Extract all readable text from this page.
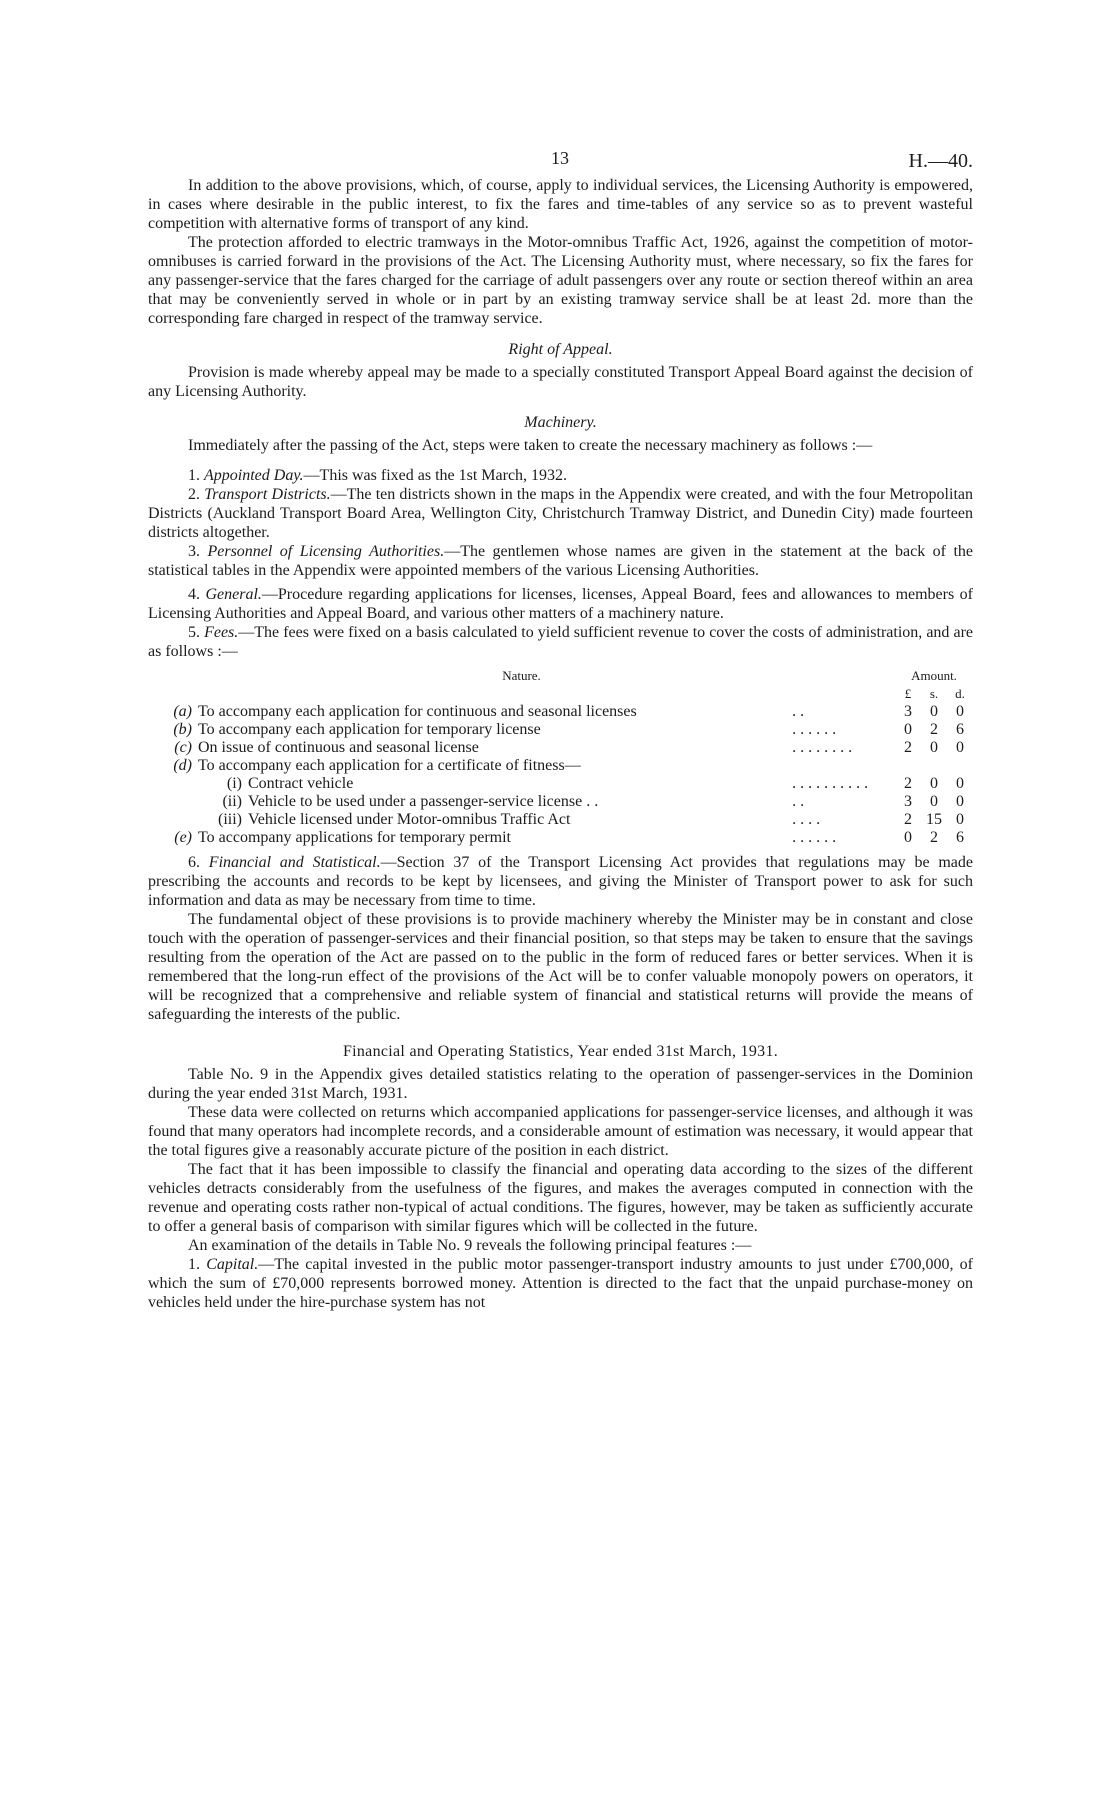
13	H.—40.

In addition to the above provisions, which, of course, apply to individual services, the Licensing Authority is empowered, in cases where desirable in the public interest, to fix the fares and time-tables of any service so as to prevent wasteful competition with alternative forms of transport of any kind.

The protection afforded to electric tramways in the Motor-omnibus Traffic Act, 1926, against the competition of motor-omnibuses is carried forward in the provisions of the Act. The Licensing Authority must, where necessary, so fix the fares for any passenger-service that the fares charged for the carriage of adult passengers over any route or section thereof within an area that may be conveniently served in whole or in part by an existing tramway service shall be at least 2d. more than the corresponding fare charged in respect of the tramway service.

Right of Appeal.

Provision is made whereby appeal may be made to a specially constituted Transport Appeal Board against the decision of any Licensing Authority.

Machinery.

Immediately after the passing of the Act, steps were taken to create the necessary machinery as follows :—

1. Appointed Day.—This was fixed as the 1st March, 1932.

2. Transport Districts.—The ten districts shown in the maps in the Appendix were created, and with the four Metropolitan Districts (Auckland Transport Board Area, Wellington City, Christchurch Tramway District, and Dunedin City) made fourteen districts altogether.

3. Personnel of Licensing Authorities.—The gentlemen whose names are given in the statement at the back of the statistical tables in the Appendix were appointed members of the various Licensing Authorities.

4. General.—Procedure regarding applications for licenses, licenses, Appeal Board, fees and allowances to members of Licensing Authorities and Appeal Board, and various other matters of a machinery nature.

5. Fees.—The fees were fixed on a basis calculated to yield sufficient revenue to cover the costs of administration, and are as follows :—

Nature.			Amount.		
			£	s.	d.
(a)	To accompany each application for continuous and seasonal licenses	. .	3	0	0
(b)	To accompany each application for temporary license	. . . . . .	0	2	6
(c)	On issue of continuous and seasonal license	. . . . . . . .	2	0	0
(d)	To accompany each application for a certificate of fitness—				
	(i) Contract vehicle	. . . . . . . . . .	2	0	0
	(ii) Vehicle to be used under a passenger-service license . .	. .	3	0	0
	(iii) Vehicle licensed under Motor-omnibus Traffic Act	. . . .	2	15	0
(e)	To accompany applications for temporary permit	. . . . . .	0	2	6

6. Financial and Statistical.—Section 37 of the Transport Licensing Act provides that regulations may be made prescribing the accounts and records to be kept by licensees, and giving the Minister of Transport power to ask for such information and data as may be necessary from time to time.

The fundamental object of these provisions is to provide machinery whereby the Minister may be in constant and close touch with the operation of passenger-services and their financial position, so that steps may be taken to ensure that the savings resulting from the operation of the Act are passed on to the public in the form of reduced fares or better services. When it is remembered that the long-run effect of the provisions of the Act will be to confer valuable monopoly powers on operators, it will be recognized that a comprehensive and reliable system of financial and statistical returns will provide the means of safeguarding the interests of the public.

Financial and Operating Statistics, Year ended 31st March, 1931.

Table No. 9 in the Appendix gives detailed statistics relating to the operation of passenger-services in the Dominion during the year ended 31st March, 1931.

These data were collected on returns which accompanied applications for passenger-service licenses, and although it was found that many operators had incomplete records, and a considerable amount of estimation was necessary, it would appear that the total figures give a reasonably accurate picture of the position in each district.

The fact that it has been impossible to classify the financial and operating data according to the sizes of the different vehicles detracts considerably from the usefulness of the figures, and makes the averages computed in connection with the revenue and operating costs rather non-typical of actual conditions. The figures, however, may be taken as sufficiently accurate to offer a general basis of comparison with similar figures which will be collected in the future.

An examination of the details in Table No. 9 reveals the following principal features :—

1. Capital.—The capital invested in the public motor passenger-transport industry amounts to just under £700,000, of which the sum of £70,000 represents borrowed money. Attention is directed to the fact that the unpaid purchase-money on vehicles held under the hire-purchase system has not
